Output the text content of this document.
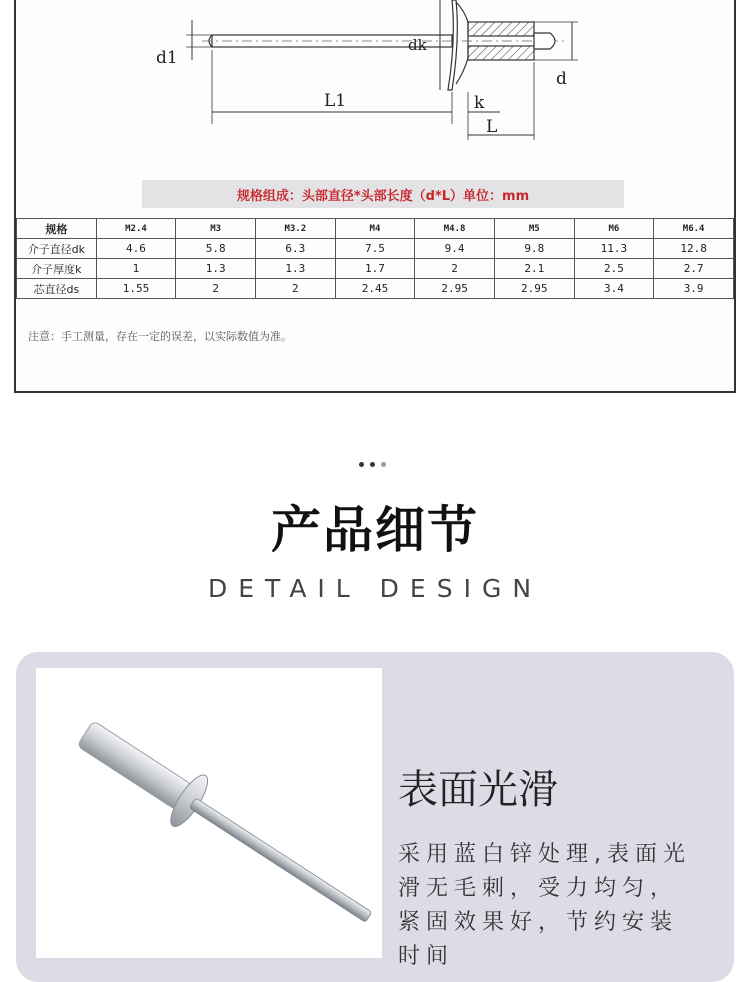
d1
dk
L1	k
L
d
规格组成：头部直径*头部长度（d*L）单位：mm
规格	M2.4	M3	M3.2	M4	M4.8	M5	M6	M6.4
介子直径dk	4.6	5.8	6.3	7.5	9.4	9.8	11.3	12.8
介子厚度k	1	1.3	1.3	1.7	2	2.1	2.5	2.7
芯直径ds	1.55	2	2	2.45	2.95	2.95	3.4	3.9
注意：手工测量，存在一定的误差，以实际数值为准。
产品细节
DETAIL DESIGN
表面光滑
采用蓝白锌处理,表面光滑无毛刺，受力均匀，紧固效果好，节约安装时间
